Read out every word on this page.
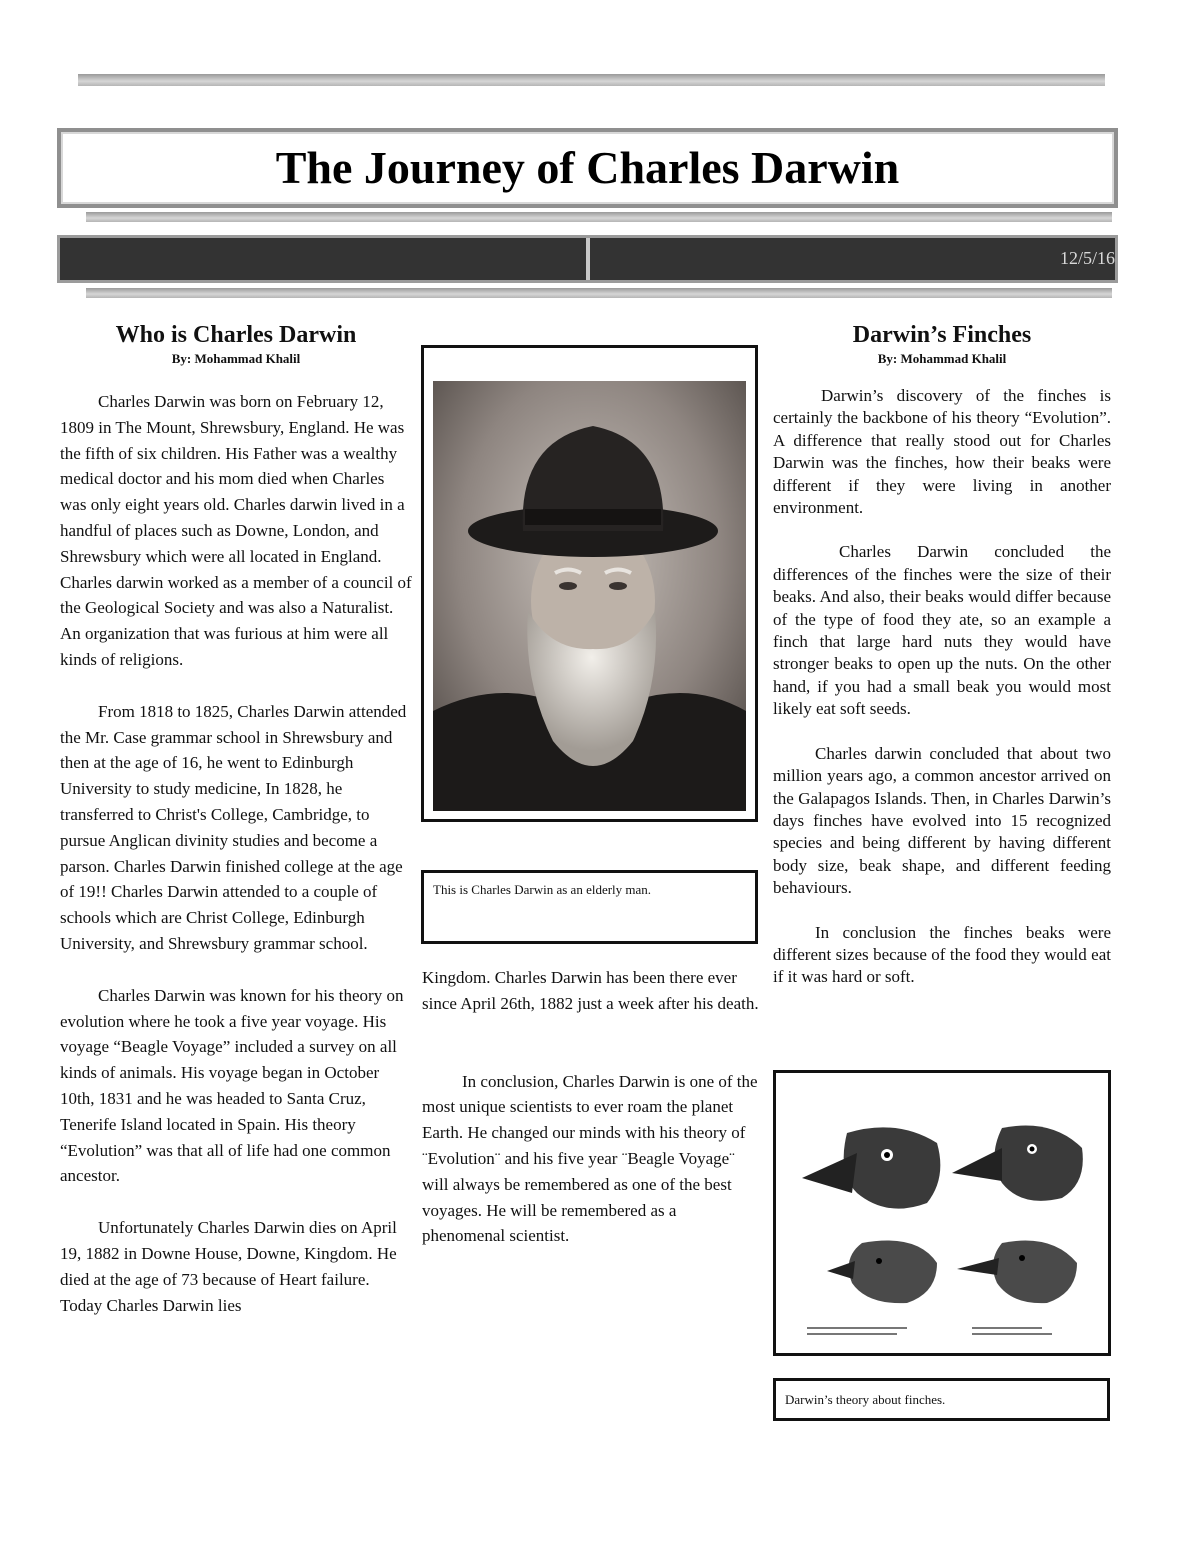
The Journey of Charles Darwin
12/5/16
Who is Charles Darwin
By: Mohammad Khalil

Charles Darwin was born on February 12, 1809 in The Mount, Shrewsbury, England. He was the fifth of six children. His Father was a wealthy medical doctor and his mom died when Charles was only eight years old. Charles darwin lived in a handful of places such as Downe, London, and Shrewsbury which were all located in England. Charles darwin worked as a member of a council of the Geological Society and was also a Naturalist. An organization that was furious at him were all kinds of religions.

From 1818 to 1825, Charles Darwin attended the Mr. Case grammar school in Shrewsbury and then at the age of 16, he went to Edinburgh University to study medicine, In 1828, he transferred to Christ's College, Cambridge, to pursue Anglican divinity studies and become a parson. Charles Darwin finished college at the age of 19!! Charles Darwin attended to a couple of schools which are Christ College, Edinburgh University, and Shrewsbury grammar school.

Charles Darwin was known for his theory on evolution where he took a five year voyage. His voyage “Beagle Voyage” included a survey on all kinds of animals. His voyage began in October 10th, 1831 and he was headed to Santa Cruz, Tenerife Island located in Spain. His theory “Evolution” was that all of life had one common ancestor.

Unfortunately Charles Darwin dies on April 19, 1882 in Downe House, Downe, Kingdom. He died at the age of 73 because of Heart failure. Today Charles Darwin lies

This is Charles Darwin as an elderly man.

Kingdom. Charles Darwin has been there ever since April 26th, 1882 just a week after his death.

In conclusion, Charles Darwin is one of the most unique scientists to ever roam the planet Earth. He changed our minds with his theory of ¨Evolution¨ and his five year ¨Beagle Voyage¨ will always be remembered as one of the best voyages. He will be remembered as a phenomenal scientist.

Darwin’s Finches
By: Mohammad Khalil

Darwin’s discovery of the finches is certainly the backbone of his theory “Evolution”. A difference that really stood out for Charles Darwin was the finches, how their beaks were different if they were living in another environment.

Charles Darwin concluded the differences of the finches were the size of their beaks. And also, their beaks would differ because of the type of food they ate, so an example a finch that large hard nuts they would have stronger beaks to open up the nuts. On the other hand, if you had a small beak you would most likely eat soft seeds.

Charles darwin concluded that about two million years ago, a common ancestor arrived on the Galapagos Islands. Then, in Charles Darwin’s days finches have evolved into 15 recognized species and being different by having different body size, beak shape, and different feeding behaviours.

In conclusion the finches beaks were different sizes because of the food they would eat if it was hard or soft.

Darwin’s theory about finches.
